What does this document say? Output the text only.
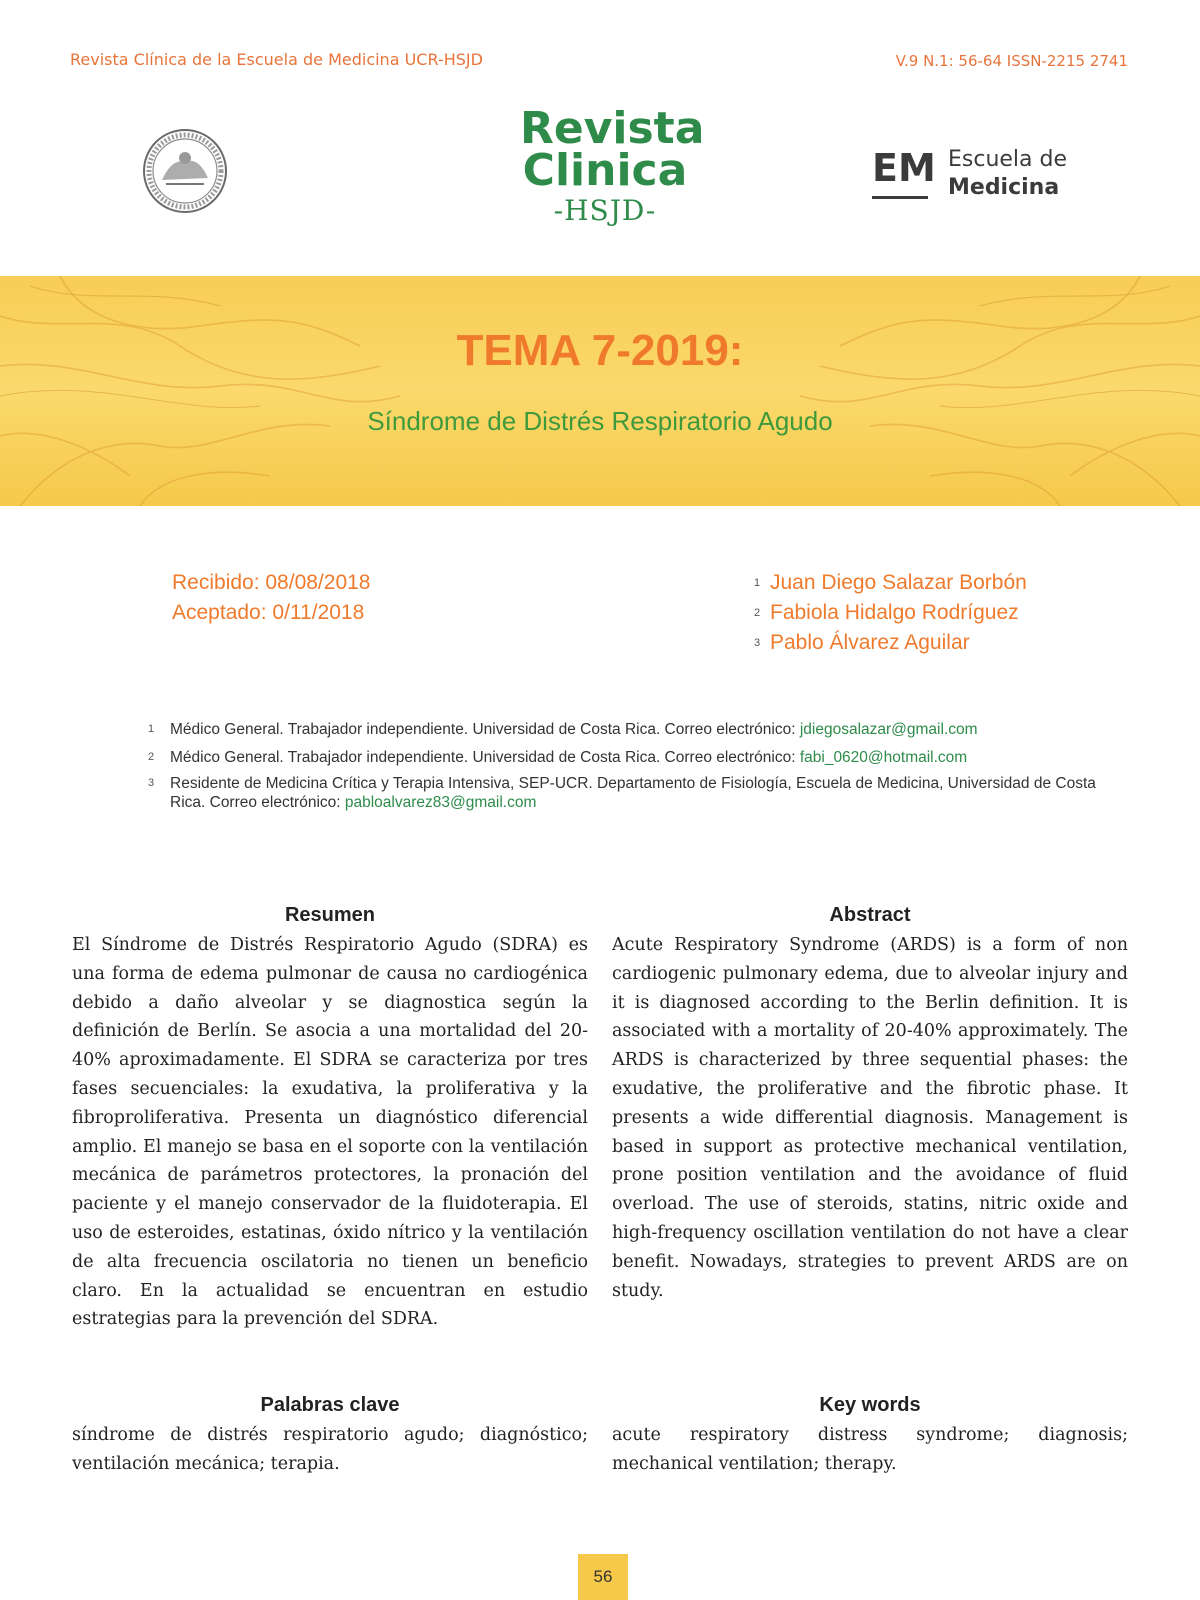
Revista Clínica de la Escuela de Medicina UCR-HSJD	V.9 N.1: 56-64 ISSN-2215 2741
Revista
Clinica
-HSJD-
EM Escuela de
Medicina
TEMA 7-2019:
Síndrome de Distrés Respiratorio Agudo
Recibido: 08/08/2018
Aceptado: 0/11/2018
1 Juan Diego Salazar Borbón
2 Fabiola Hidalgo Rodríguez
3 Pablo Álvarez Aguilar
1 Médico General. Trabajador independiente. Universidad de Costa Rica. Correo electrónico: jdiegosalazar@gmail.com
2 Médico General. Trabajador independiente. Universidad de Costa Rica. Correo electrónico: fabi_0620@hotmail.com
3 Residente de Medicina Crítica y Terapia Intensiva, SEP-UCR. Departamento de Fisiología, Escuela de Medicina, Universidad de Costa Rica. Correo electrónico: pabloalvarez83@gmail.com
Resumen
El Síndrome de Distrés Respiratorio Agudo (SDRA) es una forma de edema pulmonar de causa no cardiogénica debido a daño alveolar y se diagnostica según la definición de Berlín. Se asocia a una mortalidad del 20-40% aproximadamente. El SDRA se caracteriza por tres fases secuenciales: la exudativa, la proliferativa y la fibroproliferativa. Presenta un diagnóstico diferencial amplio. El manejo se basa en el soporte con la ventilación mecánica de parámetros protectores, la pronación del paciente y el manejo conservador de la fluidoterapia. El uso de esteroides, estatinas, óxido nítrico y la ventilación de alta frecuencia oscilatoria no tienen un beneficio claro. En la actualidad se encuentran en estudio estrategias para la prevención del SDRA.
Abstract
Acute Respiratory Syndrome (ARDS) is a form of non cardiogenic pulmonary edema, due to alveolar injury and it is diagnosed according to the Berlin definition. It is associated with a mortality of 20-40% approximately. The ARDS is characterized by three sequential phases: the exudative, the proliferative and the fibrotic phase. It presents a wide differential diagnosis. Management is based in support as protective mechanical ventilation, prone position ventilation and the avoidance of fluid overload. The use of steroids, statins, nitric oxide and high-frequency oscillation ventilation do not have a clear benefit. Nowadays, strategies to prevent ARDS are on study.
Palabras clave
síndrome de distrés respiratorio agudo; diagnóstico; ventilación mecánica; terapia.
Key words
acute respiratory distress syndrome; diagnosis; mechanical ventilation; therapy.
56
